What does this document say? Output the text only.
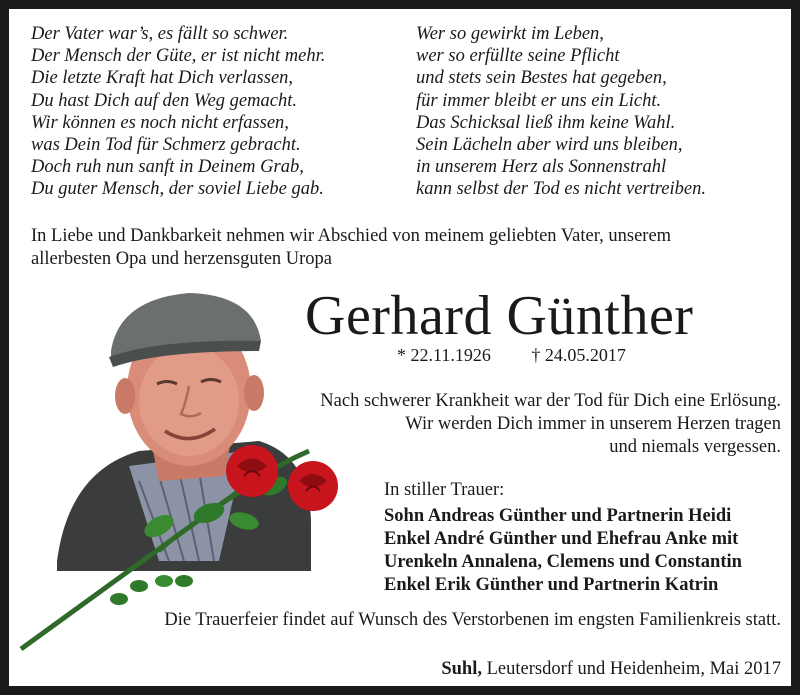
Der Vater war’s, es fällt so schwer.
Der Mensch der Güte, er ist nicht mehr.
Die letzte Kraft hat Dich verlassen,
Du hast Dich auf den Weg gemacht.
Wir können es noch nicht erfassen,
was Dein Tod für Schmerz gebracht.
Doch ruh nun sanft in Deinem Grab,
Du guter Mensch, der soviel Liebe gab.
Wer so gewirkt im Leben,
wer so erfüllte seine Pflicht
und stets sein Bestes hat gegeben,
für immer bleibt er uns ein Licht.
Das Schicksal ließ ihm keine Wahl.
Sein Lächeln aber wird uns bleiben,
in unserem Herz als Sonnenstrahl
kann selbst der Tod es nicht vertreiben.
In Liebe und Dankbarkeit nehmen wir Abschied von meinem geliebten Vater, unserem
allerbesten Opa und herzensguten Uropa
Gerhard Günther
* 22.11.1926 † 24.05.2017
Nach schwerer Krankheit war der Tod für Dich eine Erlösung.
Wir werden Dich immer in unserem Herzen tragen
und niemals vergessen.
In stiller Trauer:
Sohn Andreas Günther und Partnerin Heidi
Enkel André Günther und Ehefrau Anke mit
Urenkeln Annalena, Clemens und Constantin
Enkel Erik Günther und Partnerin Katrin
Die Trauerfeier findet auf Wunsch des Verstorbenen im engsten Familienkreis statt.
Suhl, Leutersdorf und Heidenheim, Mai 2017
